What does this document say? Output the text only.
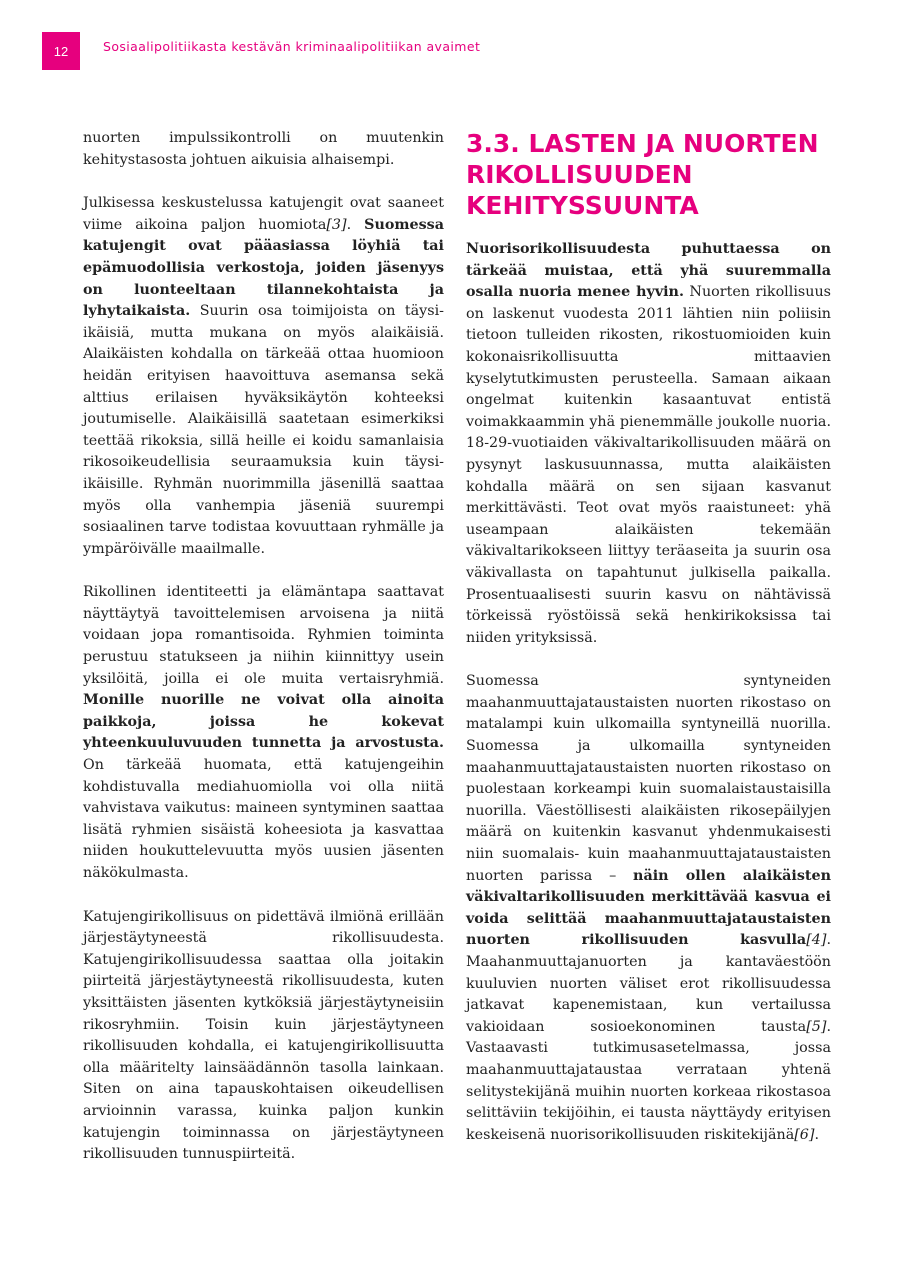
12	Sosiaalipolitiikasta kestävän kriminaalipolitiikan avaimet

nuorten impulssikontrolli on muutenkin kehitystasosta johtuen aikuisia alhaisempi.

Julkisessa keskustelussa katujengit ovat saaneet viime aikoina paljon huomiota[3]. Suomessa katujengit ovat pääasiassa löyhiä tai epämuodollisia verkostoja, joiden jäsenyys on luonteeltaan tilannekohtaista ja lyhytaikaista. Suurin osa toimijoista on täysi-ikäisiä, mutta mukana on myös alaikäisiä. Alaikäisten kohdalla on tärkeää ottaa huomioon heidän erityisen haavoittuva asemansa sekä alttius erilaisen hyväksikäytön kohteeksi joutumiselle. Alaikäisillä saatetaan esimerkiksi teettää rikoksia, sillä heille ei koidu samanlaisia rikosoikeudellisia seuraamuksia kuin täysi-ikäisille. Ryhmän nuorimmilla jäsenillä saattaa myös olla vanhempia jäseniä suurempi sosiaalinen tarve todistaa kovuuttaan ryhmälle ja ympäröivälle maailmalle.

Rikollinen identiteetti ja elämäntapa saattavat näyttäytyä tavoittelemisen arvoisena ja niitä voidaan jopa romantisoida. Ryhmien toiminta perustuu statukseen ja niihin kiinnittyy usein yksilöitä, joilla ei ole muita vertaisryhmiä. Monille nuorille ne voivat olla ainoita paikkoja, joissa he kokevat yhteenkuuluvuuden tunnetta ja arvostusta. On tärkeää huomata, että katujengeihin kohdistuvalla mediahuomiolla voi olla niitä vahvistava vaikutus: maineen syntyminen saattaa lisätä ryhmien sisäistä koheesiota ja kasvattaa niiden houkuttelevuutta myös uusien jäsenten näkökulmasta.

Katujengirikollisuus on pidettävä ilmiönä erillään järjestäytyneestä rikollisuudesta. Katujengirikollisuudessa saattaa olla joitakin piirteitä järjestäytyneestä rikollisuudesta, kuten yksittäisten jäsenten kytköksiä järjestäytyneisiin rikosryhmiin. Toisin kuin järjestäytyneen rikollisuuden kohdalla, ei katujengirikollisuutta olla määritelty lainsäädännön tasolla lainkaan. Siten on aina tapauskohtaisen oikeudellisen arvioinnin varassa, kuinka paljon kunkin katujengin toiminnassa on järjestäytyneen rikollisuuden tunnuspiirteitä.

3.3. LASTEN JA NUORTEN
RIKOLLISUUDEN
KEHITYSSUUNTA

Nuorisorikollisuudesta puhuttaessa on tärkeää muistaa, että yhä suuremmalla osalla nuoria menee hyvin. Nuorten rikollisuus on laskenut vuodesta 2011 lähtien niin poliisin tietoon tulleiden rikosten, rikostuomioiden kuin kokonaisrikollisuutta mittaavien kyselytutkimusten perusteella. Samaan aikaan ongelmat kuitenkin kasaantuvat entistä voimakkaammin yhä pienemmälle joukolle nuoria. 18-29-vuotiaiden väkivaltarikollisuuden määrä on pysynyt laskusuunnassa, mutta alaikäisten kohdalla määrä on sen sijaan kasvanut merkittävästi. Teot ovat myös raaistuneet: yhä useampaan alaikäisten tekemään väkivaltarikokseen liittyy teräaseita ja suurin osa väkivallasta on tapahtunut julkisella paikalla. Prosentuaalisesti suurin kasvu on nähtävissä törkeissä ryöstöissä sekä henkirikoksissa tai niiden yrityksissä.

Suomessa syntyneiden maahanmuuttajataustaisten nuorten rikostaso on matalampi kuin ulkomailla syntyneillä nuorilla. Suomessa ja ulkomailla syntyneiden maahanmuuttajataustaisten nuorten rikostaso on puolestaan korkeampi kuin suomalaistaustaisilla nuorilla. Väestöllisesti alaikäisten rikosepäilyjen määrä on kuitenkin kasvanut yhdenmukaisesti niin suomalais- kuin maahanmuuttajataustaisten nuorten parissa – näin ollen alaikäisten väkivaltarikollisuuden merkittävää kasvua ei voida selittää maahanmuuttajataustaisten nuorten rikollisuuden kasvulla[4]. Maahanmuuttajanuorten ja kantaväestöön kuuluvien nuorten väliset erot rikollisuudessa jatkavat kapenemistaan, kun vertailussa vakioidaan sosioekonominen tausta[5]. Vastaavasti tutkimusasetelmassa, jossa maahanmuuttajataustaa verrataan yhtenä selitystekijänä muihin nuorten korkeaa rikostasoa selittäviin tekijöihin, ei tausta näyttäydy erityisen keskeisenä nuorisorikollisuuden riskitekijänä[6].
